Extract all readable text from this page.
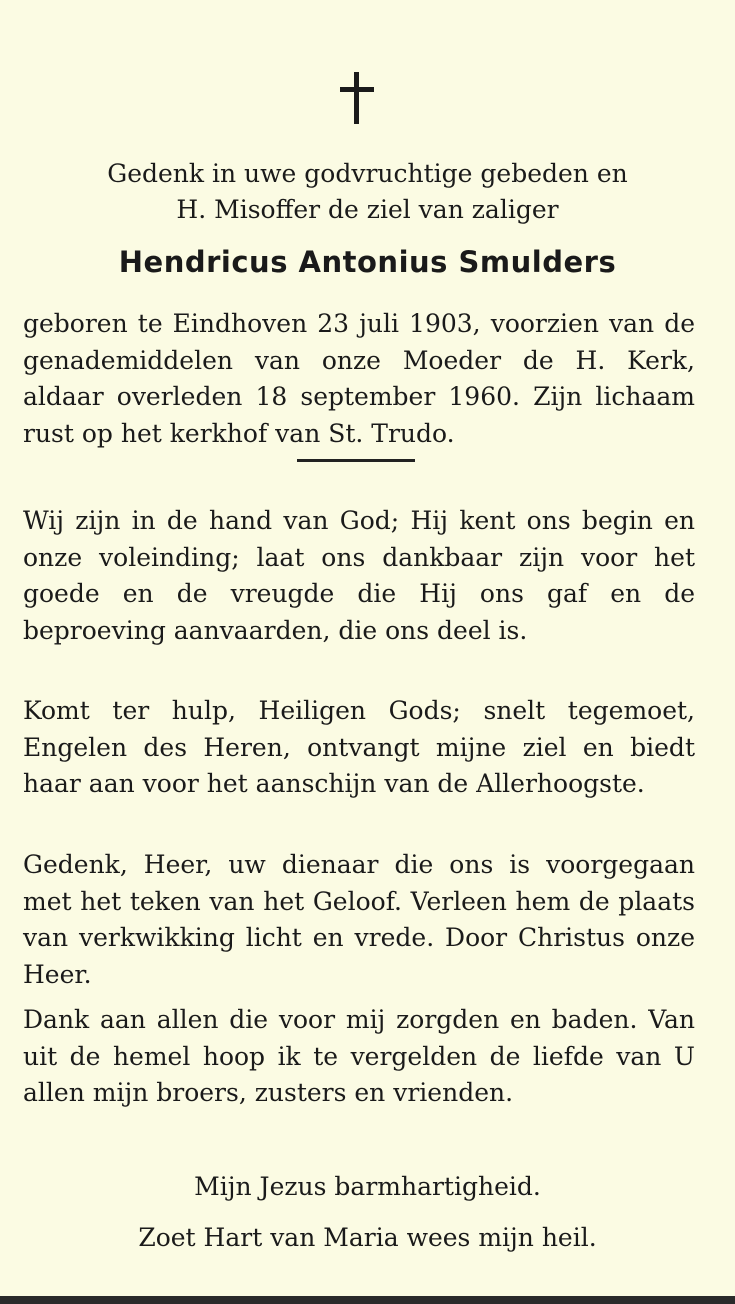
Gedenk in uwe godvruchtige gebeden en
H. Misoffer de ziel van zaliger
Hendricus Antonius Smulders
geboren te Eindhoven 23 juli 1903, voorzien van de genademiddelen van onze Moeder de H. Kerk, aldaar overleden 18 september 1960. Zijn lichaam rust op het kerkhof van St. Trudo.
Wij zijn in de hand van God; Hij kent ons begin en onze voleinding; laat ons dankbaar zijn voor het goede en de vreugde die Hij ons gaf en de beproeving aanvaarden, die ons deel is.
Komt ter hulp, Heiligen Gods; snelt tegemoet, Engelen des Heren, ontvangt mijne ziel en biedt haar aan voor het aanschijn van de Allerhoogste.
Gedenk, Heer, uw dienaar die ons is voorgegaan met het teken van het Geloof. Verleen hem de plaats van verkwikking licht en vrede. Door Christus onze Heer.
Dank aan allen die voor mij zorgden en baden. Van uit de hemel hoop ik te vergelden de liefde van U allen mijn broers, zusters en vrienden.
Mijn Jezus barmhartigheid.
Zoet Hart van Maria wees mijn heil.
